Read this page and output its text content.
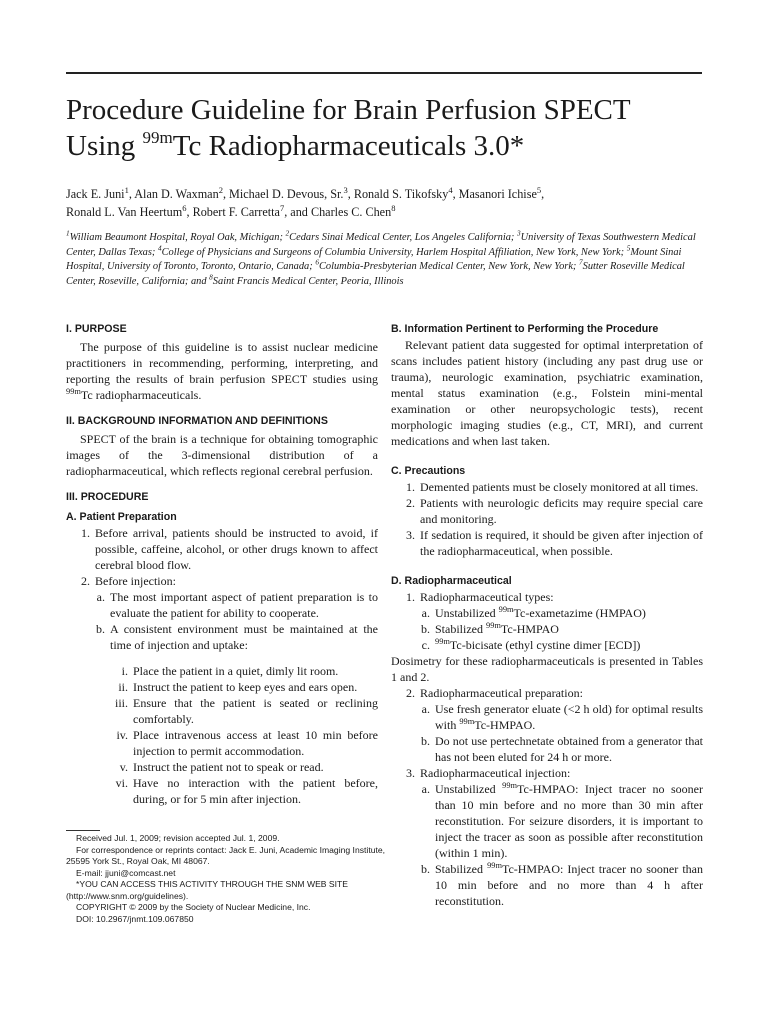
Procedure Guideline for Brain Perfusion SPECT
Using $^{99m}$Tc Radiopharmaceuticals 3.0*
Jack E. Juni$^1$, Alan D. Waxman$^2$, Michael D. Devous, Sr.$^3$, Ronald S. Tikofsky$^4$, Masanori Ichise$^5$,
Ronald L. Van Heertum$^6$, Robert F. Carretta$^7$, and Charles C. Chen$^8$
$^1$William Beaumont Hospital, Royal Oak, Michigan; $^2$Cedars Sinai Medical Center, Los Angeles California; $^3$University of Texas Southwestern Medical Center, Dallas Texas; $^4$College of Physicians and Surgeons of Columbia University, Harlem Hospital Affiliation, New York, New York; $^5$Mount Sinai Hospital, University of Toronto, Toronto, Ontario, Canada; $^6$Columbia-Presbyterian Medical Center, New York, New York; $^7$Sutter Roseville Medical Center, Roseville, California; and $^8$Saint Francis Medical Center, Peoria, Illinois
I. PURPOSE

The purpose of this guideline is to assist nuclear medicine practitioners in recommending, performing, interpreting, and reporting the results of brain perfusion SPECT studies using $^{99m}$Tc radiopharmaceuticals.

II. BACKGROUND INFORMATION AND DEFINITIONS

SPECT of the brain is a technique for obtaining tomographic images of the 3-dimensional distribution of a radiopharmaceutical, which reflects regional cerebral perfusion.

III. PROCEDURE
A. Patient Preparation
1. Before arrival, patients should be instructed to avoid, if possible, caffeine, alcohol, or other drugs known to affect cerebral blood flow.
2. Before injection:
a. The most important aspect of patient preparation is to evaluate the patient for ability to cooperate.
b. A consistent environment must be maintained at the time of injection and uptake:
i. Place the patient in a quiet, dimly lit room.
ii. Instruct the patient to keep eyes and ears open.
iii. Ensure that the patient is seated or reclining comfortably.
iv. Place intravenous access at least 10 min before injection to permit accommodation.
v. Instruct the patient not to speak or read.
vi. Have no interaction with the patient before, during, or for 5 min after injection.
Received Jul. 1, 2009; revision accepted Jul. 1, 2009.
For correspondence or reprints contact: Jack E. Juni, Academic Imaging Institute, 25595 York St., Royal Oak, MI 48067.
E-mail: jjuni@comcast.net
*YOU CAN ACCESS THIS ACTIVITY THROUGH THE SNM WEB SITE (http://www.snm.org/guidelines).
COPYRIGHT © 2009 by the Society of Nuclear Medicine, Inc.
DOI: 10.2967/jnmt.109.067850
B. Information Pertinent to Performing the Procedure

Relevant patient data suggested for optimal interpretation of scans includes patient history (including any past drug use or trauma), neurologic examination, psychiatric examination, mental status examination (e.g., Folstein mini-mental examination or other neuropsychologic tests), recent morphologic imaging studies (e.g., CT, MRI), and current medications and when last taken.

C. Precautions
1. Demented patients must be closely monitored at all times.
2. Patients with neurologic deficits may require special care and monitoring.
3. If sedation is required, it should be given after injection of the radiopharmaceutical, when possible.
D. Radiopharmaceutical
1. Radiopharmaceutical types:
a. Unstabilized $^{99m}$Tc-exametazime (HMPAO)
b. Stabilized $^{99m}$Tc-HMPAO
c. $^{99m}$Tc-bicisate (ethyl cystine dimer [ECD])

Dosimetry for these radiopharmaceuticals is presented in Tables 1 and 2.

2. Radiopharmaceutical preparation:
a. Use fresh generator eluate (<2 h old) for optimal results with $^{99m}$Tc-HMPAO.
b. Do not use pertechnetate obtained from a generator that has not been eluted for 24 h or more.
3. Radiopharmaceutical injection:
a. Unstabilized $^{99m}$Tc-HMPAO: Inject tracer no sooner than 10 min before and no more than 30 min after reconstitution. For seizure disorders, it is important to inject the tracer as soon as possible after reconstitution (within 1 min).
b. Stabilized $^{99m}$Tc-HMPAO: Inject tracer no sooner than 10 min before and no more than 4 h after reconstitution.
